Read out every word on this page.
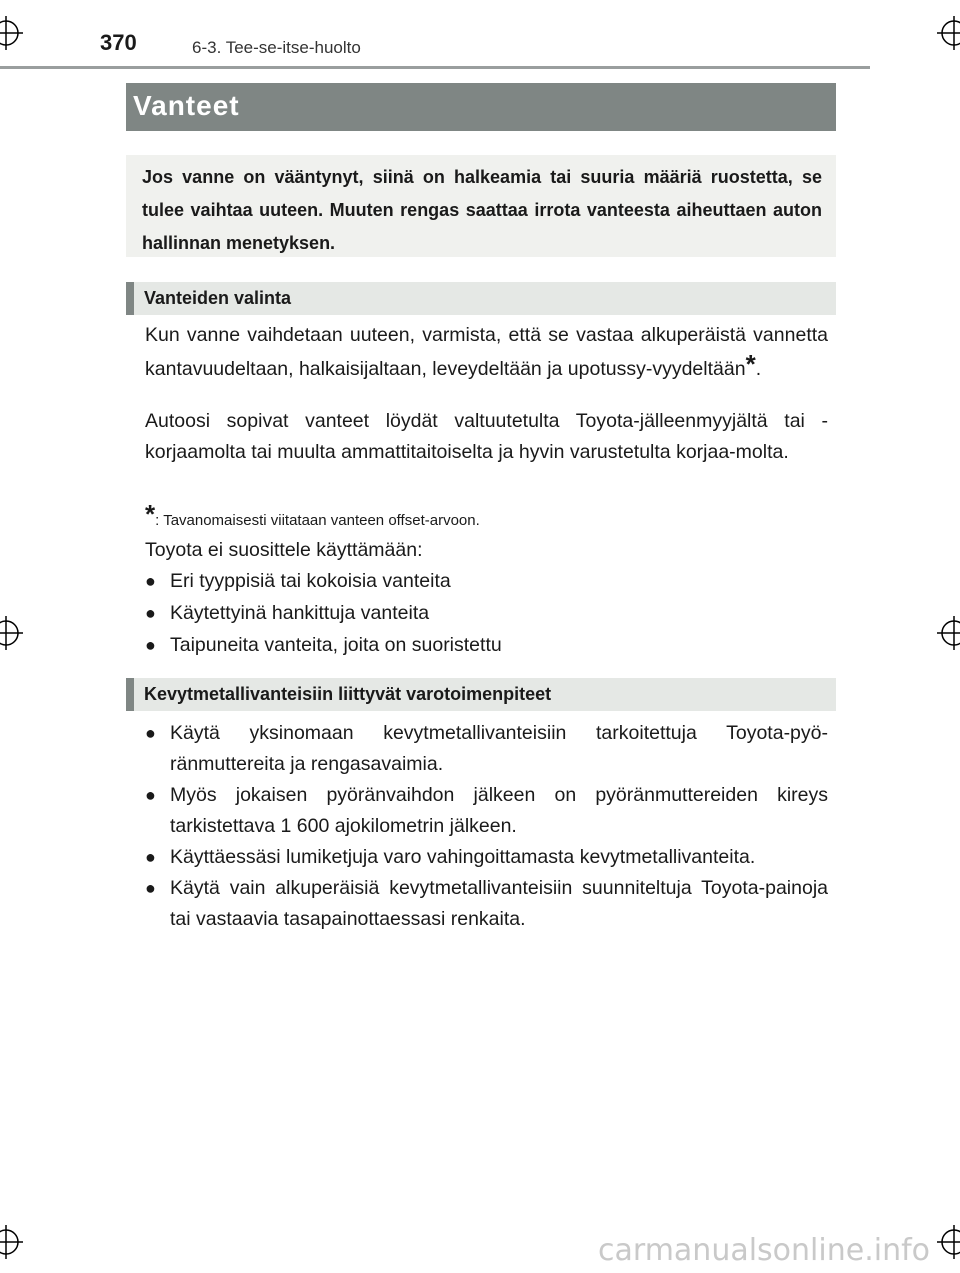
370	6-3. Tee-se-itse-huolto
Vanteet
Jos vanne on vääntynyt, siinä on halkeamia tai suuria määriä ruostetta, se tulee vaihtaa uuteen. Muuten rengas saattaa irrota vanteesta aiheuttaen auton hallinnan menetyksen.
Vanteiden valinta
Kun vanne vaihdetaan uuteen, varmista, että se vastaa alkuperäistä vannetta kantavuudeltaan, halkaisijaltaan, leveydeltään ja upotussy-vyydeltään*.
Autoosi sopivat vanteet löydät valtuutetulta Toyota-jälleenmyyjältä tai -korjaamolta tai muulta ammattitaitoiselta ja hyvin varustetulta korjaa-molta.
*: Tavanomaisesti viitataan vanteen offset-arvoon.
Toyota ei suosittele käyttämään:
● Eri tyyppisiä tai kokoisia vanteita
● Käytettyinä hankittuja vanteita
● Taipuneita vanteita, joita on suoristettu
Kevytmetallivanteisiin liittyvät varotoimenpiteet
● Käytä yksinomaan kevytmetallivanteisiin tarkoitettuja Toyota-pyö-ränmuttereita ja rengasavaimia.
● Myös jokaisen pyöränvaihdon jälkeen on pyöränmuttereiden kireys tarkistettava 1 600 ajokilometrin jälkeen.
● Käyttäessäsi lumiketjuja varo vahingoittamasta kevytmetallivanteita.
● Käytä vain alkuperäisiä kevytmetallivanteisiin suunniteltuja Toyota-painoja tai vastaavia tasapainottaessasi renkaita.
carmanualsonline.info
